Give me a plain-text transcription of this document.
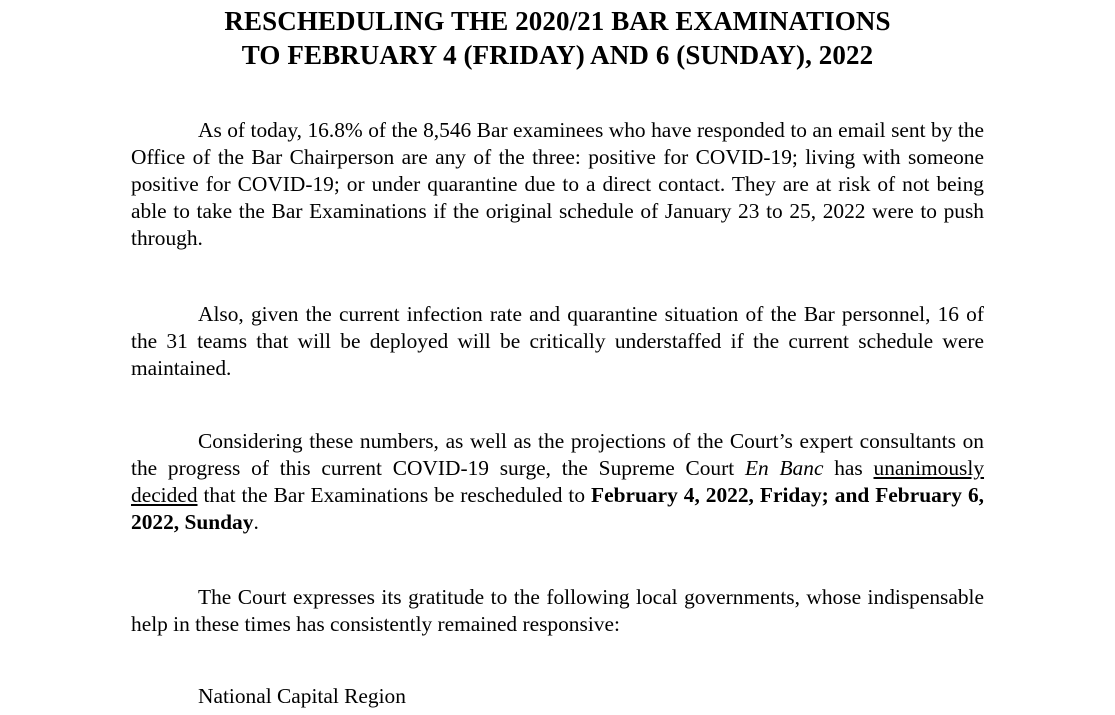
RESCHEDULING THE 2020/21 BAR EXAMINATIONS
TO FEBRUARY 4 (FRIDAY) AND 6 (SUNDAY), 2022

As of today, 16.8% of the 8,546 Bar examinees who have responded to an email sent by the Office of the Bar Chairperson are any of the three: positive for COVID-19; living with someone positive for COVID-19; or under quarantine due to a direct contact. They are at risk of not being able to take the Bar Examinations if the original schedule of January 23 to 25, 2022 were to push through.

Also, given the current infection rate and quarantine situation of the Bar personnel, 16 of the 31 teams that will be deployed will be critically understaffed if the current schedule were maintained.

Considering these numbers, as well as the projections of the Court’s expert consultants on the progress of this current COVID-19 surge, the Supreme Court En Banc has unanimously decided that the Bar Examinations be rescheduled to February 4, 2022, Friday; and February 6, 2022, Sunday.

The Court expresses its gratitude to the following local governments, whose indispensable help in these times has consistently remained responsive:

National Capital Region
